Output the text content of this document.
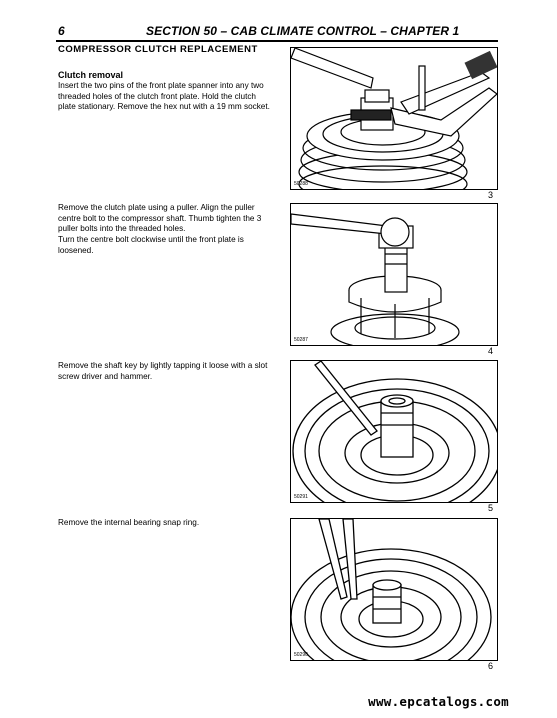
6	SECTION 50 – CAB CLIMATE CONTROL – CHAPTER 1
COMPRESSOR CLUTCH REPLACEMENT
Clutch removal
Insert the two pins of the front plate spanner into any two threaded holes of the clutch front plate. Hold the clutch plate stationary. Remove the hex nut with a 19 mm socket.
Remove the clutch plate using a puller. Align the puller centre bolt to the compressor shaft. Thumb tighten the 3 puller bolts into the threaded holes.
Turn the centre bolt clockwise until the front plate is loosened.
Remove the shaft key by lightly tapping it loose with a slot screw driver and hammer.
Remove the internal bearing snap ring.
50288
3
50287
4
50291
5
50290
6
www.epcatalogs.com
